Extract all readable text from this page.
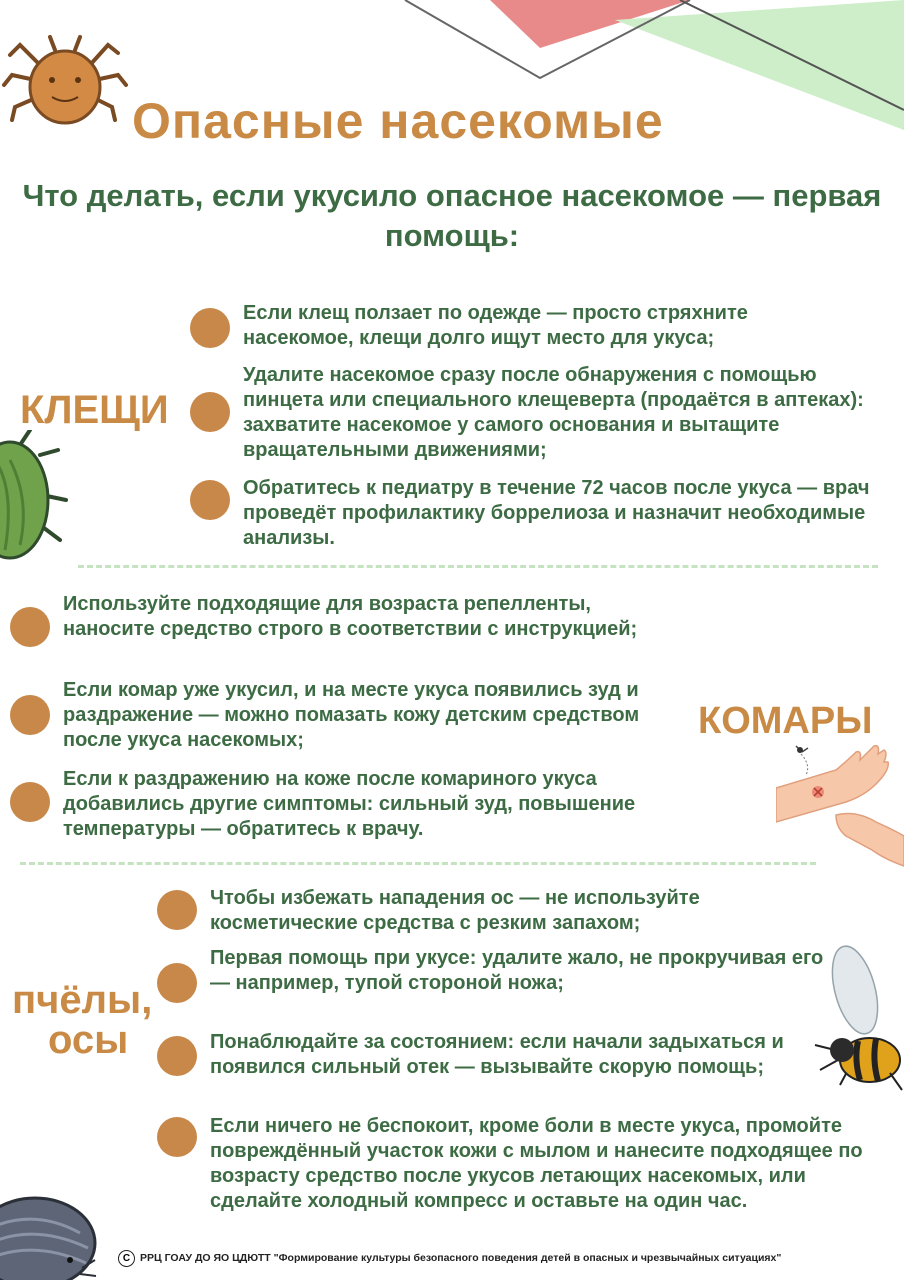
Опасные насекомые
Что делать, если укусило опасное насекомое — первая помощь:
КЛЕЩИ
Если клещ ползает по одежде — просто стряхните насекомое, клещи долго ищут место для укуса;
Удалите насекомое сразу после обнаружения с помощью пинцета или специального клещеверта (продаётся в аптеках): захватите насекомое у самого основания и вытащите вращательными движениями;
Обратитесь к педиатру в течение 72 часов после укуса — врач проведёт профилактику боррелиоза и назначит необходимые анализы.
Используйте подходящие для возраста репелленты, наносите средство строго в соответствии с инструкцией;
Если комар уже укусил, и на месте укуса появились зуд и раздражение — можно помазать кожу детским средством после укуса насекомых;
Если к раздражению на коже после комариного укуса добавились другие симптомы: сильный зуд, повышение температуры — обратитесь к врачу.
КОМАРЫ
пчёлы,
осы
Чтобы избежать нападения ос — не используйте косметические средства с резким запахом;
Первая помощь при укусе: удалите жало, не прокручивая его — например, тупой стороной ножа;
Понаблюдайте за состоянием: если начали задыхаться и появился сильный отек — вызывайте скорую помощь;
Если ничего не беспокоит, кроме боли в месте укуса, промойте повреждённый участок кожи с мылом и нанесите подходящее по возрасту средство после укусов летающих насекомых, или сделайте холодный компресс и оставьте на один час.
C РРЦ ГОАУ ДО ЯО ЦДЮТТ "Формирование культуры безопасного поведения детей в опасных и чрезвычайных ситуациях"
